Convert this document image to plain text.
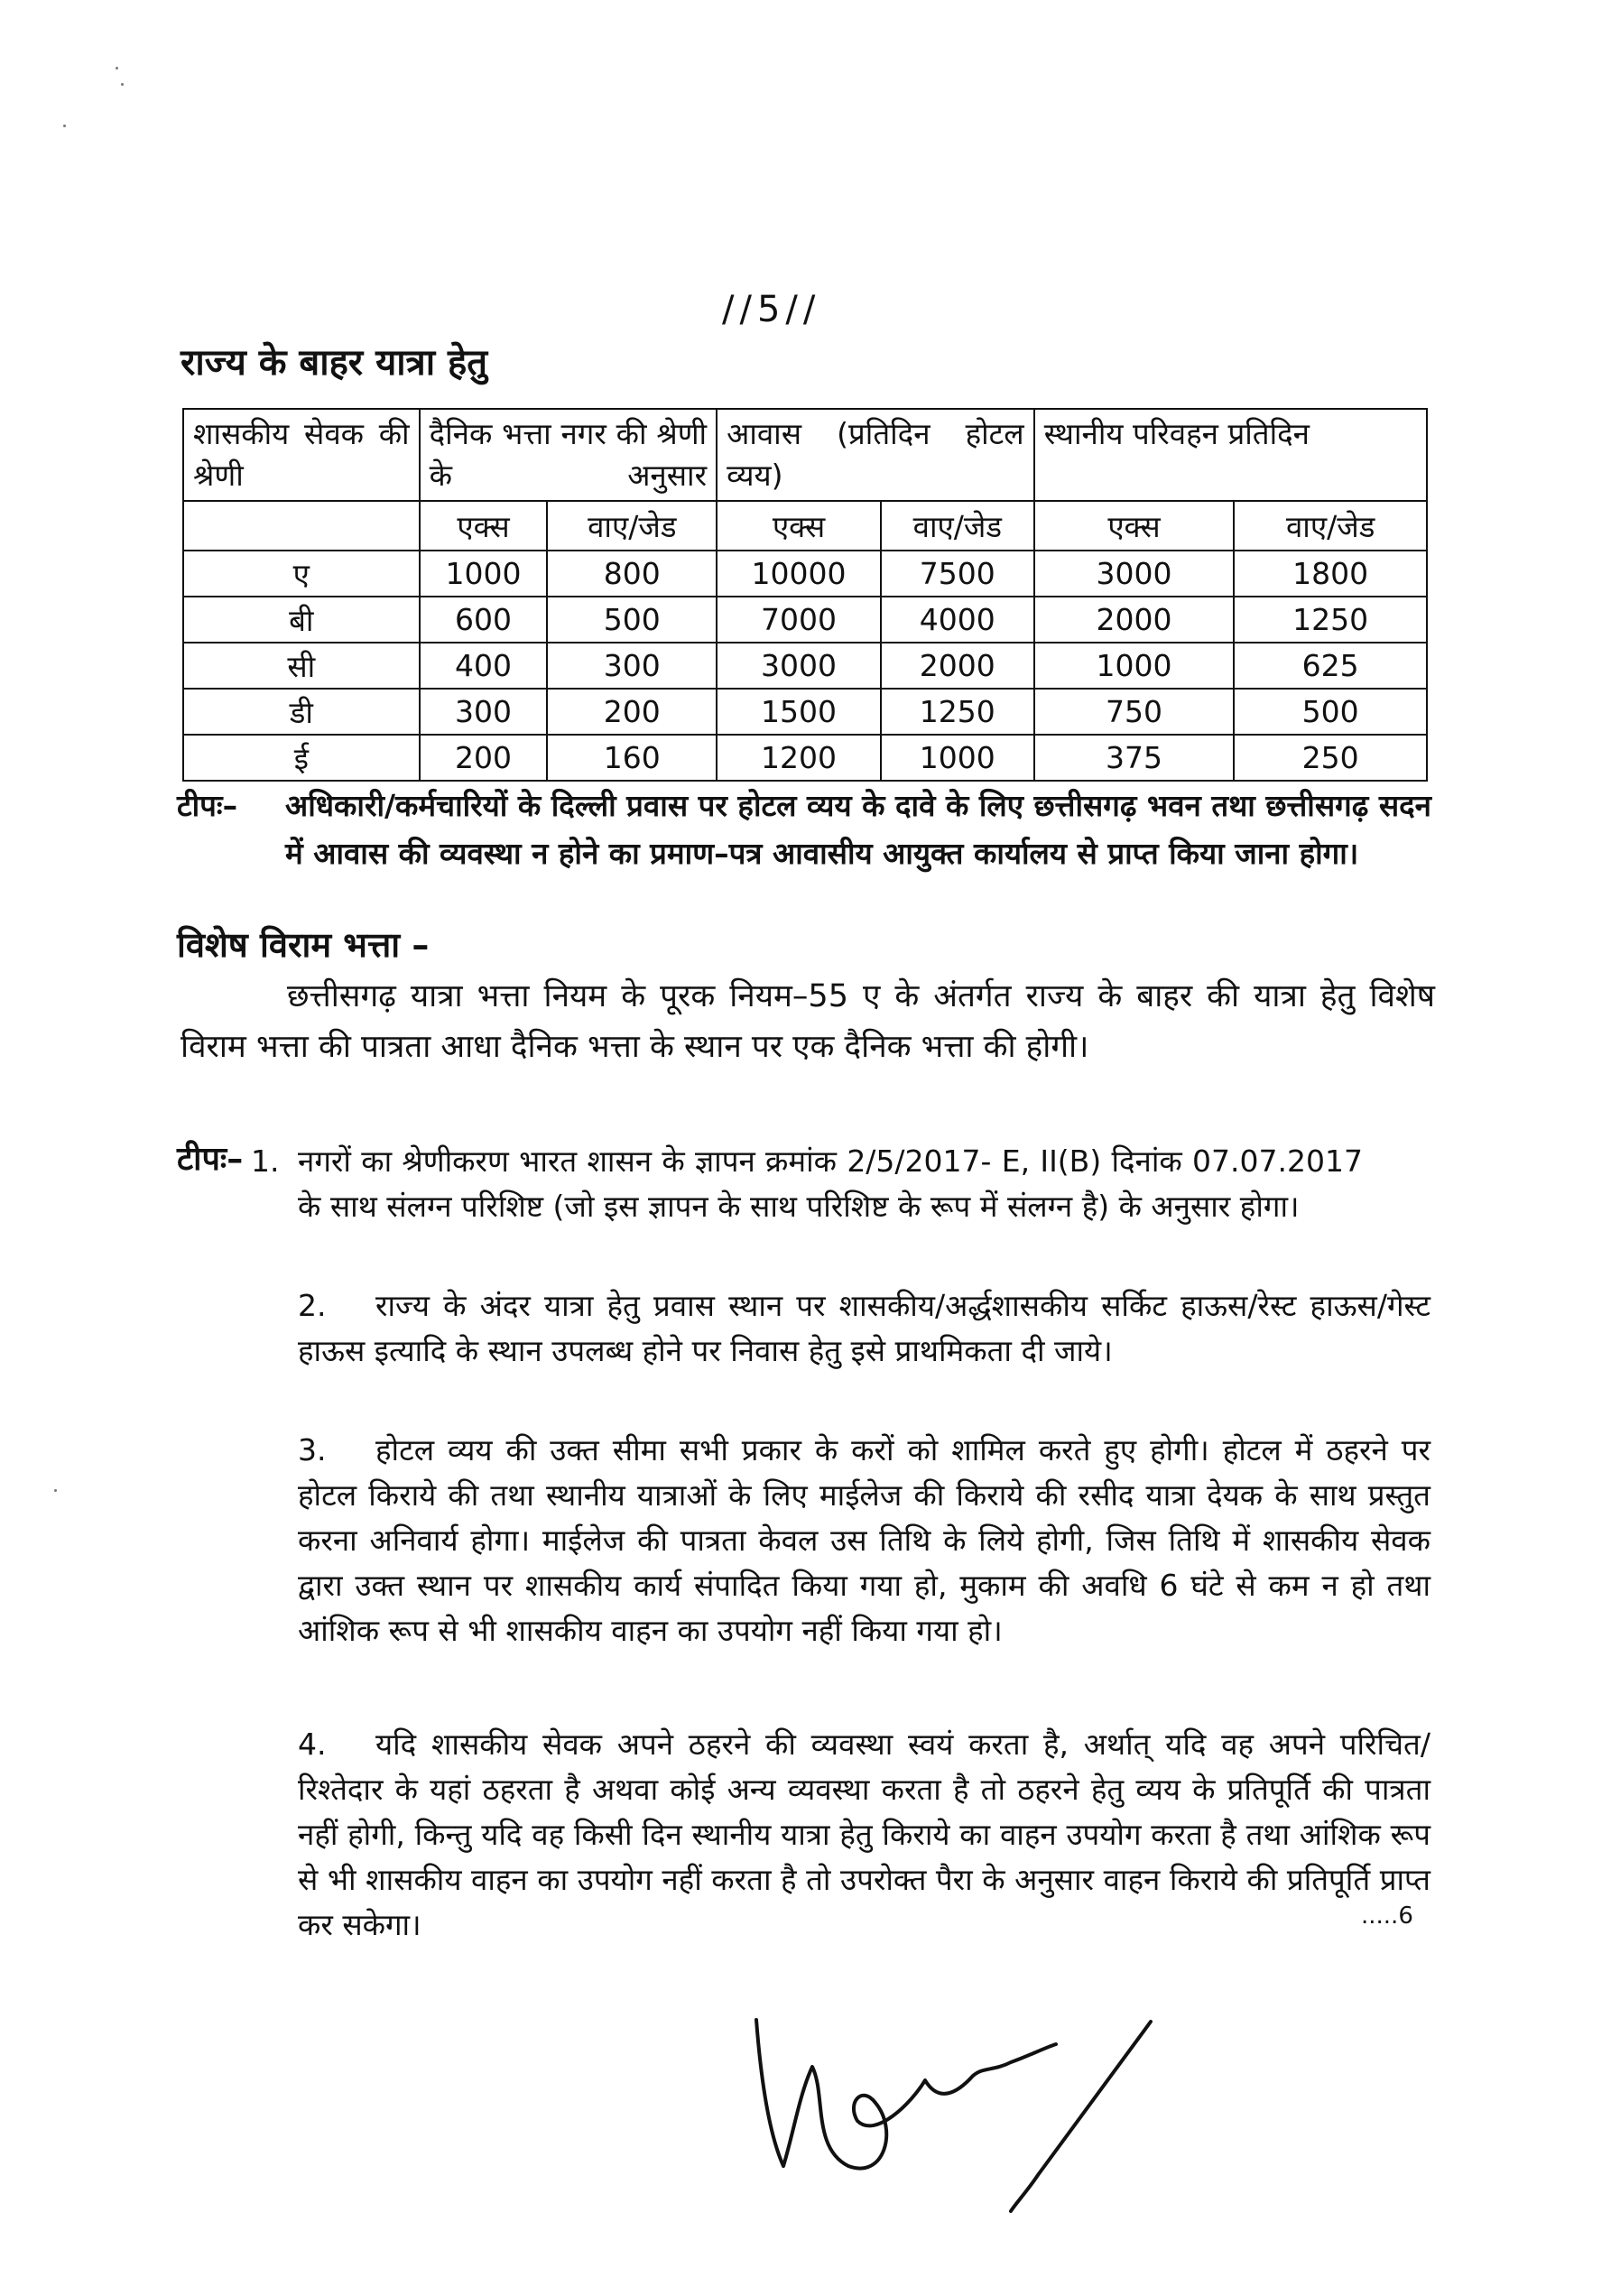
//5//
राज्य के बाहर यात्रा हेतु
शासकीय सेवक की श्रेणी	दैनिक भत्ता नगर की श्रेणी के अनुसार		आवास (प्रतिदिन होटल व्यय)		स्थानीय परिवहन प्रतिदिन	
	एक्स	वाए/जेड	एक्स	वाए/जेड	एक्स	वाए/जेड
ए	1000	800	10000	7500	3000	1800
बी	600	500	7000	4000	2000	1250
सी	400	300	3000	2000	1000	625
डी	300	200	1500	1250	750	500
ई	200	160	1200	1000	375	250
टीपः– अधिकारी/कर्मचारियों के दिल्ली प्रवास पर होटल व्यय के दावे के लिए छत्तीसगढ़ भवन तथा छत्तीसगढ़ सदन में आवास की व्यवस्था न होने का प्रमाण–पत्र आवासीय आयुक्त कार्यालय से प्राप्त किया जाना होगा।
विशेष विराम भत्ता –
छत्तीसगढ़ यात्रा भत्ता नियम के पूरक नियम–55 ए के अंतर्गत राज्य के बाहर की यात्रा हेतु विशेष विराम भत्ता की पात्रता आधा दैनिक भत्ता के स्थान पर एक दैनिक भत्ता की होगी।
टीपः– 1. नगरों का श्रेणीकरण भारत शासन के ज्ञापन क्रमांक 2/5/2017- E, II(B) दिनांक 07.07.2017 के साथ संलग्न परिशिष्ट (जो इस ज्ञापन के साथ परिशिष्ट के रूप में संलग्न है) के अनुसार होगा।
2. राज्य के अंदर यात्रा हेतु प्रवास स्थान पर शासकीय/अर्द्धशासकीय सर्किट हाऊस/रेस्ट हाऊस/गेस्ट हाऊस इत्यादि के स्थान उपलब्ध होने पर निवास हेतु इसे प्राथमिकता दी जाये।
3. होटल व्यय की उक्त सीमा सभी प्रकार के करों को शामिल करते हुए होगी। होटल में ठहरने पर होटल किराये की तथा स्थानीय यात्राओं के लिए माईलेज की किराये की रसीद यात्रा देयक के साथ प्रस्तुत करना अनिवार्य होगा। माईलेज की पात्रता केवल उस तिथि के लिये होगी, जिस तिथि में शासकीय सेवक द्वारा उक्त स्थान पर शासकीय कार्य संपादित किया गया हो, मुकाम की अवधि 6 घंटे से कम न हो तथा आंशिक रूप से भी शासकीय वाहन का उपयोग नहीं किया गया हो।
4. यदि शासकीय सेवक अपने ठहरने की व्यवस्था स्वयं करता है, अर्थात् यदि वह अपने परिचित/रिश्तेदार के यहां ठहरता है अथवा कोई अन्य व्यवस्था करता है तो ठहरने हेतु व्यय के प्रतिपूर्ति की पात्रता नहीं होगी, किन्तु यदि वह किसी दिन स्थानीय यात्रा हेतु किराये का वाहन उपयोग करता है तथा आंशिक रूप से भी शासकीय वाहन का उपयोग नहीं करता है तो उपरोक्त पैरा के अनुसार वाहन किराये की प्रतिपूर्ति प्राप्त कर सकेगा।	.....6
